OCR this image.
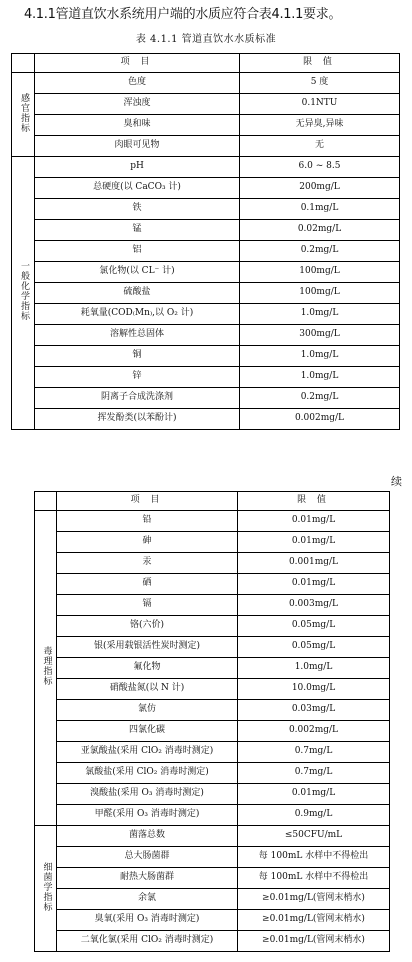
4.1.1管道直饮水系统用户端的水质应符合表4.1.1要求。
表 4.1.1 管道直饮水水质标准
	项 目	限 值
感官指标	色度	5 度
	浑浊度	0.1NTU
	臭和味	无异臭,异味
	肉眼可见物	无
一般化学指标	pH	6.0 ~ 8.5
	总硬度(以 CaCO₃ 计)	200mg/L
	铁	0.1mg/L
	锰	0.02mg/L
	铝	0.2mg/L
	氯化物(以 CL⁻ 计)	100mg/L
	硫酸盐	100mg/L
	耗氧量(COD₍Mn₎,以 O₂ 计)	1.0mg/L
	溶解性总固体	300mg/L
	铜	1.0mg/L
	锌	1.0mg/L
	阴离子合成洗涤剂	0.2mg/L
	挥发酚类(以苯酚计)	0.002mg/L
续
	项 目	限 值
毒理指标	铅	0.01mg/L
	砷	0.01mg/L
	汞	0.001mg/L
	硒	0.01mg/L
	镉	0.003mg/L
	铬(六价)	0.05mg/L
	银(采用载银活性炭时测定)	0.05mg/L
	氟化物	1.0mg/L
	硝酸盐氮(以 N 计)	10.0mg/L
	氯仿	0.03mg/L
	四氯化碳	0.002mg/L
	亚氯酸盐(采用 ClO₂ 消毒时测定)	0.7mg/L
	氯酸盐(采用 ClO₂ 消毒时测定)	0.7mg/L
	溴酸盐(采用 O₃ 消毒时测定)	0.01mg/L
	甲醛(采用 O₃ 消毒时测定)	0.9mg/L
细菌学指标	菌落总数	≤50CFU/mL
	总大肠菌群	每 100mL 水样中不得检出
	耐热大肠菌群	每 100mL 水样中不得检出
	余氯	≥0.01mg/L(管网末梢水)
	臭氧(采用 O₃ 消毒时测定)	≥0.01mg/L(管网末梢水)
	二氧化氯(采用 ClO₂ 消毒时测定)	≥0.01mg/L(管网末梢水)
